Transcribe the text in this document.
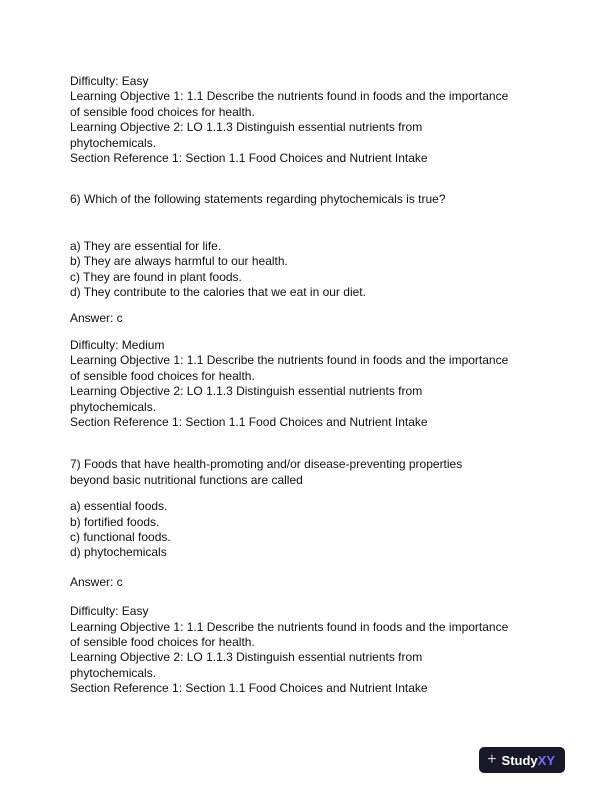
Difficulty: Easy
Learning Objective 1: 1.1 Describe the nutrients found in foods and the importance
of sensible food choices for health.
Learning Objective 2: LO 1.1.3 Distinguish essential nutrients from
phytochemicals.
Section Reference 1: Section 1.1 Food Choices and Nutrient Intake
6) Which of the following statements regarding phytochemicals is true?
a) They are essential for life.
b) They are always harmful to our health.
c) They are found in plant foods.
d) They contribute to the calories that we eat in our diet.
Answer: c
Difficulty: Medium
Learning Objective 1: 1.1 Describe the nutrients found in foods and the importance
of sensible food choices for health.
Learning Objective 2: LO 1.1.3 Distinguish essential nutrients from
phytochemicals.
Section Reference 1: Section 1.1 Food Choices and Nutrient Intake
7) Foods that have health-promoting and/or disease-preventing properties
beyond basic nutritional functions are called
a) essential foods.
b) fortified foods.
c) functional foods.
d) phytochemicals
Answer: c
Difficulty: Easy
Learning Objective 1: 1.1 Describe the nutrients found in foods and the importance
of sensible food choices for health.
Learning Objective 2: LO 1.1.3 Distinguish essential nutrients from
phytochemicals.
Section Reference 1: Section 1.1 Food Choices and Nutrient Intake
+ Study XY
